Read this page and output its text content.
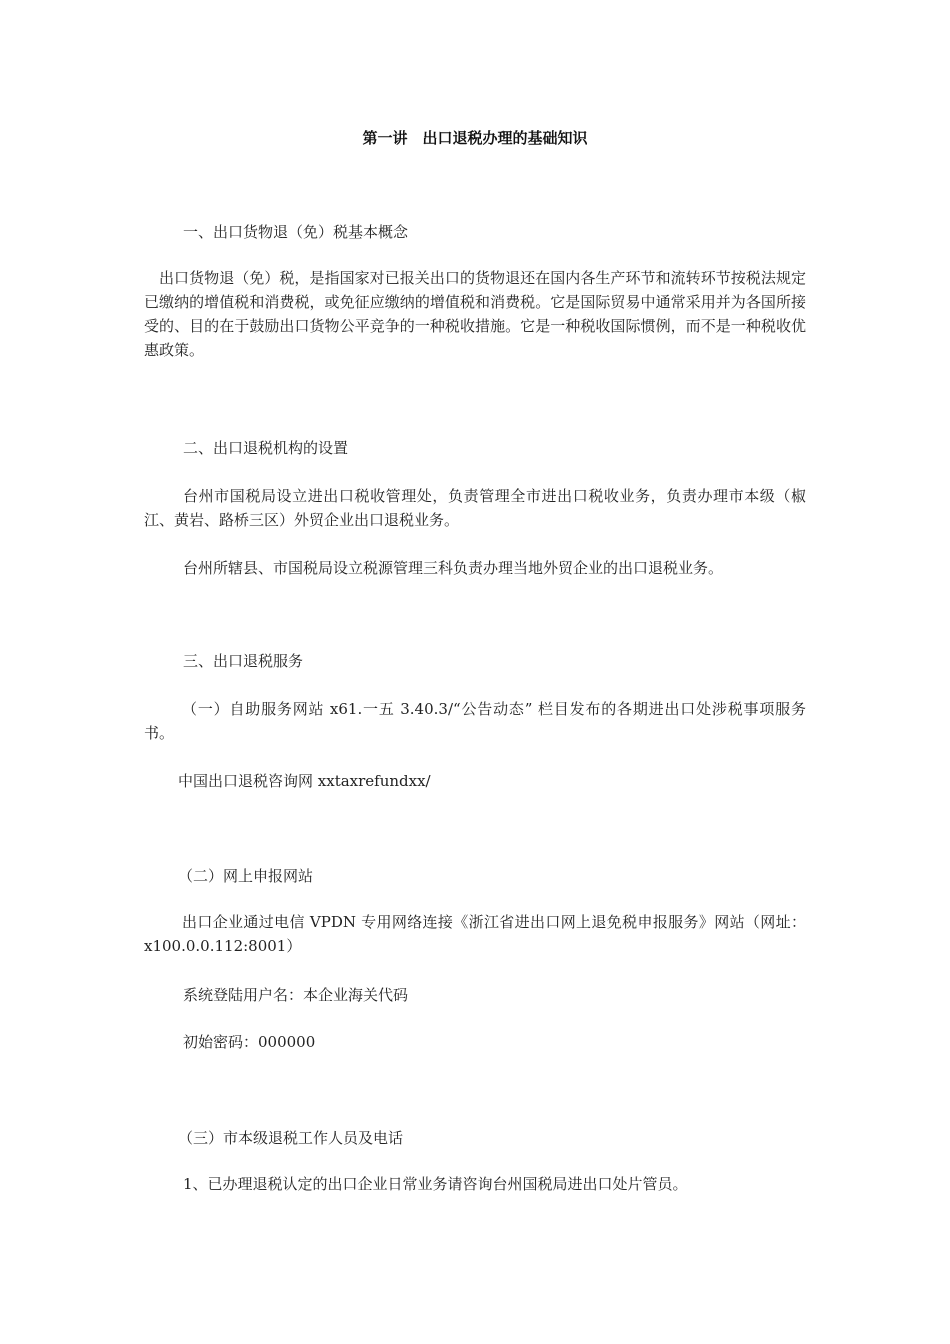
第一讲　出口退税办理的基础知识
一、出口货物退（免）税基本概念
出口货物退（免）税，是指国家对已报关出口的货物退还在国内各生产环节和流转环节按税法规定已缴纳的增值税和消费税，或免征应缴纳的增值税和消费税。它是国际贸易中通常采用并为各国所接受的、目的在于鼓励出口货物公平竞争的一种税收措施。它是一种税收国际惯例，而不是一种税收优惠政策。
二、出口退税机构的设置
台州市国税局设立进出口税收管理处，负责管理全市进出口税收业务，负责办理市本级（椒江、黄岩、路桥三区）外贸企业出口退税业务。
台州所辖县、市国税局设立税源管理三科负责办理当地外贸企业的出口退税业务。
三、出口退税服务
（一）自助服务网站 x61.一五 3.40.3/“公告动态” 栏目发布的各期进出口处涉税事项服务书。
中国出口退税咨询网 xxtaxrefundxx/
（二）网上申报网站
出口企业通过电信 VPDN 专用网络连接《浙江省进出口网上退免税申报服务》网站（网址：x100.0.0.112:8001）
系统登陆用户名：本企业海关代码
初始密码：000000
（三）市本级退税工作人员及电话
1、已办理退税认定的出口企业日常业务请咨询台州国税局进出口处片管员。
